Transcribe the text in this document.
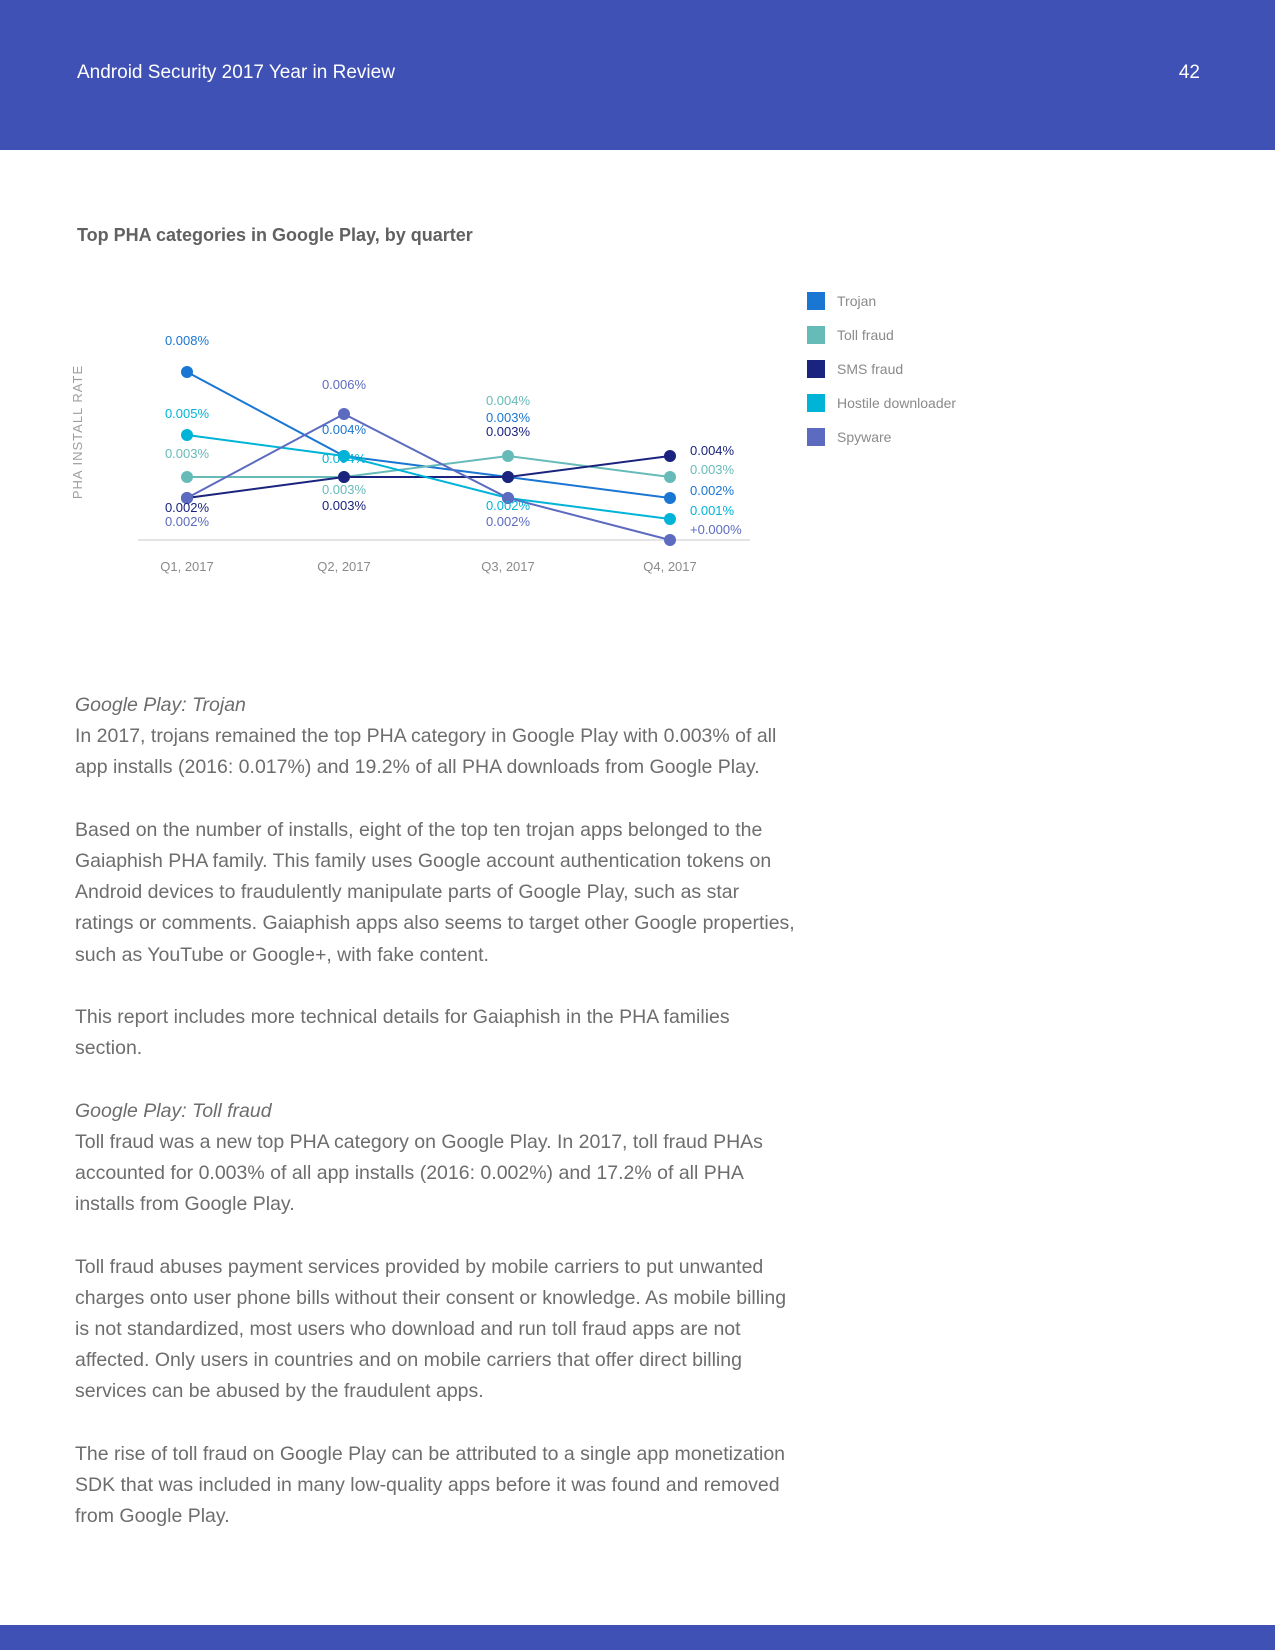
Android Security 2017 Year in Review	42
Top PHA categories in Google Play, by quarter
PHA INSTALL RATE
Q1, 2017	Q2, 2017	Q3, 2017	Q4, 2017
0.008%
0.004%
0.003%
0.002%
0.003%
0.003%
0.004%
0.003%
0.002%	0.003%
0.003%
0.004%
0.005%
0.004%
0.002%	0.001%
0.002%
0.006%
0.002%
+0.000%
Trojan
Toll fraud
SMS fraud
Hostile downloader
Spyware

Google Play: Trojan
In 2017, trojans remained the top PHA category in Google Play with 0.003% of all app installs (2016: 0.017%) and 19.2% of all PHA downloads from Google Play.

Based on the number of installs, eight of the top ten trojan apps belonged to the Gaiaphish PHA family. This family uses Google account authentication tokens on Android devices to fraudulently manipulate parts of Google Play, such as star ratings or comments. Gaiaphish apps also seems to target other Google properties, such as YouTube or Google+, with fake content.

This report includes more technical details for Gaiaphish in the PHA families section.

Google Play: Toll fraud
Toll fraud was a new top PHA category on Google Play. In 2017, toll fraud PHAs accounted for 0.003% of all app installs (2016: 0.002%) and 17.2% of all PHA installs from Google Play.

Toll fraud abuses payment services provided by mobile carriers to put unwanted charges onto user phone bills without their consent or knowledge. As mobile billing is not standardized, most users who download and run toll fraud apps are not affected. Only users in countries and on mobile carriers that offer direct billing services can be abused by the fraudulent apps.

The rise of toll fraud on Google Play can be attributed to a single app monetization SDK that was included in many low-quality apps before it was found and removed from Google Play.
